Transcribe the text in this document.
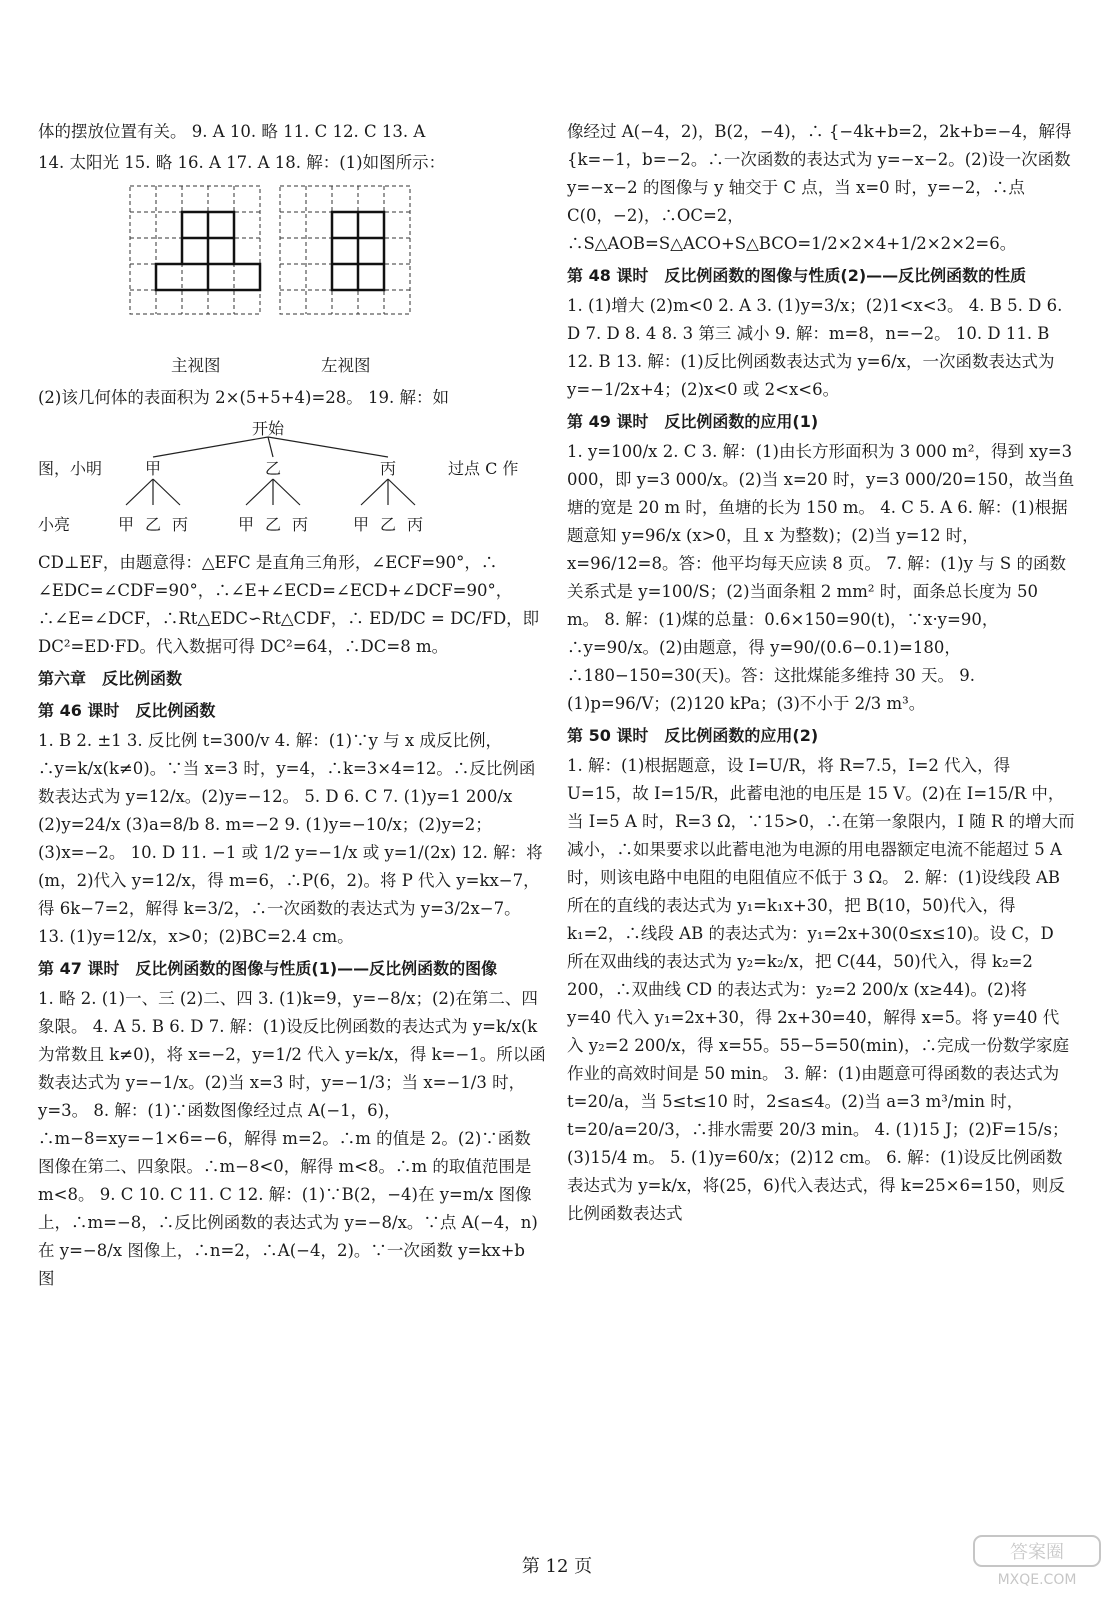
体的摆放位置有关。 9. A 10. 略 11. C 12. C 13. A

14. 太阳光 15. 略 16. A 17. A 18. 解：(1)如图所示：

主视图	左视图

(2)该几何体的表面积为 2×(5+5+4)=28。 19. 解：如

开始
图，小明	甲	乙	丙	过点 C 作
小亮	甲 乙 丙	甲 乙 丙	甲 乙 丙

CD⊥EF，由题意得：△EFC 是直角三角形，∠ECF=90°，∴ ∠EDC=∠CDF=90°，∴∠E+∠ECD=∠ECD+∠DCF=90°，∴∠E=∠DCF，∴Rt△EDC∽Rt△CDF，∴ ED/DC = DC/FD，即 DC²=ED·FD。代入数据可得 DC²=64，∴DC=8 m。

第六章　反比例函数
第 46 课时　反比例函数

1. B 2. ±1 3. 反比例 t=300/v 4. 解：(1)∵y 与 x 成反比例，∴y=k/x(k≠0)。∵当 x=3 时，y=4，∴k=3×4=12。∴反比例函数表达式为 y=12/x。(2)y=−12。 5. D 6. C 7. (1)y=1 200/x (2)y=24/x (3)a=8/b 8. m=−2 9. (1)y=−10/x；(2)y=2；(3)x=−2。 10. D 11. −1 或 1/2 y=−1/x 或 y=1/(2x) 12. 解：将(m，2)代入 y=12/x，得 m=6，∴P(6，2)。将 P 代入 y=kx−7，得 6k−7=2，解得 k=3/2，∴一次函数的表达式为 y=3/2x−7。 13. (1)y=12/x，x>0；(2)BC=2.4 cm。

第 47 课时　反比例函数的图像与性质(1)——反比例函数的图像

1. 略 2. (1)一、三 (2)二、四 3. (1)k=9，y=−8/x；(2)在第二、四象限。 4. A 5. B 6. D 7. 解：(1)设反比例函数的表达式为 y=k/x(k 为常数且 k≠0)，将 x=−2，y=1/2 代入 y=k/x，得 k=−1。所以函数表达式为 y=−1/x。(2)当 x=3 时，y=−1/3；当 x=−1/3 时，y=3。 8. 解：(1)∵函数图像经过点 A(−1，6)，∴m−8=xy=−1×6=−6，解得 m=2。∴m 的值是 2。(2)∵函数图像在第二、四象限。∴m−8<0，解得 m<8。∴m 的取值范围是 m<8。 9. C 10. C 11. C 12. 解：(1)∵B(2，−4)在 y=m/x 图像上，∴m=−8，∴反比例函数的表达式为 y=−8/x。∵点 A(−4，n)在 y=−8/x 图像上，∴n=2，∴A(−4，2)。∵一次函数 y=kx+b 图

像经过 A(−4，2)，B(2，−4)，∴ {−4k+b=2，2k+b=−4，解得 {k=−1，b=−2。∴一次函数的表达式为 y=−x−2。(2)设一次函数 y=−x−2 的图像与 y 轴交于 C 点，当 x=0 时，y=−2，∴点 C(0，−2)，∴OC=2，∴S△AOB=S△ACO+S△BCO=1/2×2×4+1/2×2×2=6。

第 48 课时　反比例函数的图像与性质(2)——反比例函数的性质

1. (1)增大 (2)m<0 2. A 3. (1)y=3/x；(2)1<x<3。 4. B 5. D 6. D 7. D 8. 4 8. 3 第三 减小 9. 解：m=8，n=−2。 10. D 11. B 12. B 13. 解：(1)反比例函数表达式为 y=6/x，一次函数表达式为 y=−1/2x+4；(2)x<0 或 2<x<6。

第 49 课时　反比例函数的应用(1)

1. y=100/x 2. C 3. 解：(1)由长方形面积为 3 000 m²，得到 xy=3 000，即 y=3 000/x。(2)当 x=20 时，y=3 000/20=150，故当鱼塘的宽是 20 m 时，鱼塘的长为 150 m。 4. C 5. A 6. 解：(1)根据题意知 y=96/x (x>0，且 x 为整数)；(2)当 y=12 时，x=96/12=8。答：他平均每天应读 8 页。 7. 解：(1)y 与 S 的函数关系式是 y=100/S；(2)当面条粗 2 mm² 时，面条总长度为 50 m。 8. 解：(1)煤的总量：0.6×150=90(t)，∵x·y=90，∴y=90/x。(2)由题意，得 y=90/(0.6−0.1)=180，∴180−150=30(天)。答：这批煤能多维持 30 天。 9. (1)p=96/V；(2)120 kPa；(3)不小于 2/3 m³。

第 50 课时　反比例函数的应用(2)

1. 解：(1)根据题意，设 I=U/R，将 R=7.5，I=2 代入，得 U=15，故 I=15/R，此蓄电池的电压是 15 V。(2)在 I=15/R 中，当 I=5 A 时，R=3 Ω，∵15>0，∴在第一象限内，I 随 R 的增大而减小，∴如果要求以此蓄电池为电源的用电器额定电流不能超过 5 A 时，则该电路中电阻的电阻值应不低于 3 Ω。 2. 解：(1)设线段 AB 所在的直线的表达式为 y₁=k₁x+30，把 B(10，50)代入，得 k₁=2，∴线段 AB 的表达式为：y₁=2x+30(0≤x≤10)。设 C，D 所在双曲线的表达式为 y₂=k₂/x，把 C(44，50)代入，得 k₂=2 200，∴双曲线 CD 的表达式为：y₂=2 200/x (x≥44)。(2)将 y=40 代入 y₁=2x+30，得 2x+30=40，解得 x=5。将 y=40 代入 y₂=2 200/x，得 x=55。55−5=50(min)，∴完成一份数学家庭作业的高效时间是 50 min。 3. 解：(1)由题意可得函数的表达式为 t=20/a，当 5≤t≤10 时，2≤a≤4。(2)当 a=3 m³/min 时，t=20/a=20/3，∴排水需要 20/3 min。 4. (1)15 J；(2)F=15/s；(3)15/4 m。 5. (1)y=60/x；(2)12 cm。 6. 解：(1)设反比例函数表达式为 y=k/x，将(25，6)代入表达式，得 k=25×6=150，则反比例函数表达式

第 12 页
答案圈
MXQE.COM
